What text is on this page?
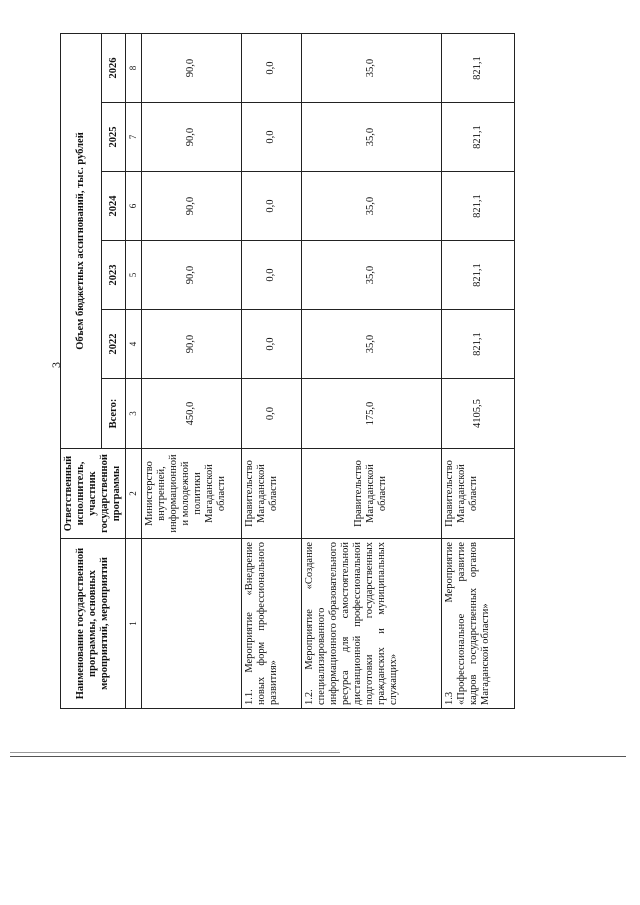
3
Наименование государственной программы, основных мероприятий, мероприятий	Ответственный исполнитель, участник государственной программы	Объем бюджетных ассигнований, тыс. рублей					
		Всего:	2022	2023	2024	2025	2026
1	2	3	4	5	6	7	8
	Министерство внутренней, информационной и молодежной политики Магаданской области	450,0	90,0	90,0	90,0	90,0	90,0
1.1. Мероприятие «Внедрение новых форм профессионального развития»	Правительство Магаданской области	0,0	0,0	0,0	0,0	0,0	0,0
1.2. Мероприятие «Создание специализированного информационного образовательного ресурса для самостоятельной дистанционной профессиональной подготовки государственных гражданских и муниципальных служащих»	Правительство Магаданской области	175,0	35,0	35,0	35,0	35,0	35,0
1.3 Мероприятие «Профессиональное развитие кадров государственных органов Магаданской области»	Правительство Магаданской области	4105,5	821,1	821,1	821,1	821,1	821,1
